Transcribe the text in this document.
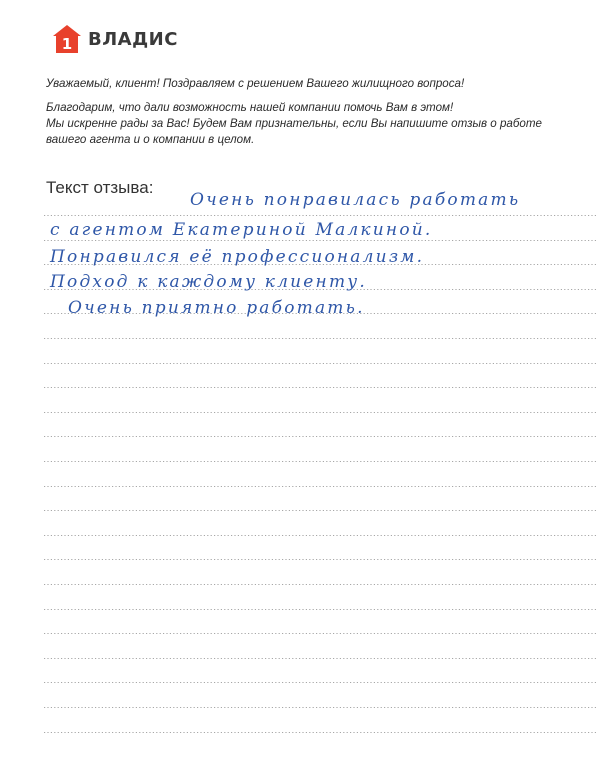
1 ВЛАДИС

Уважаемый, клиент! Поздравляем с решением Вашего жилищного вопроса!

Благодарим, что дали возможность нашей компании помочь Вам в этом!

Мы искренне рады за Вас! Будем Вам признательны, если Вы напишите отзыв о работе

вашего агента и о компании в целом.

Текст отзыва:
Очень понравилась работать
с агентом Екатериной Малкиной.
Понравился её профессионализм.
Подход к каждому клиенту.
Очень приятно работать.
